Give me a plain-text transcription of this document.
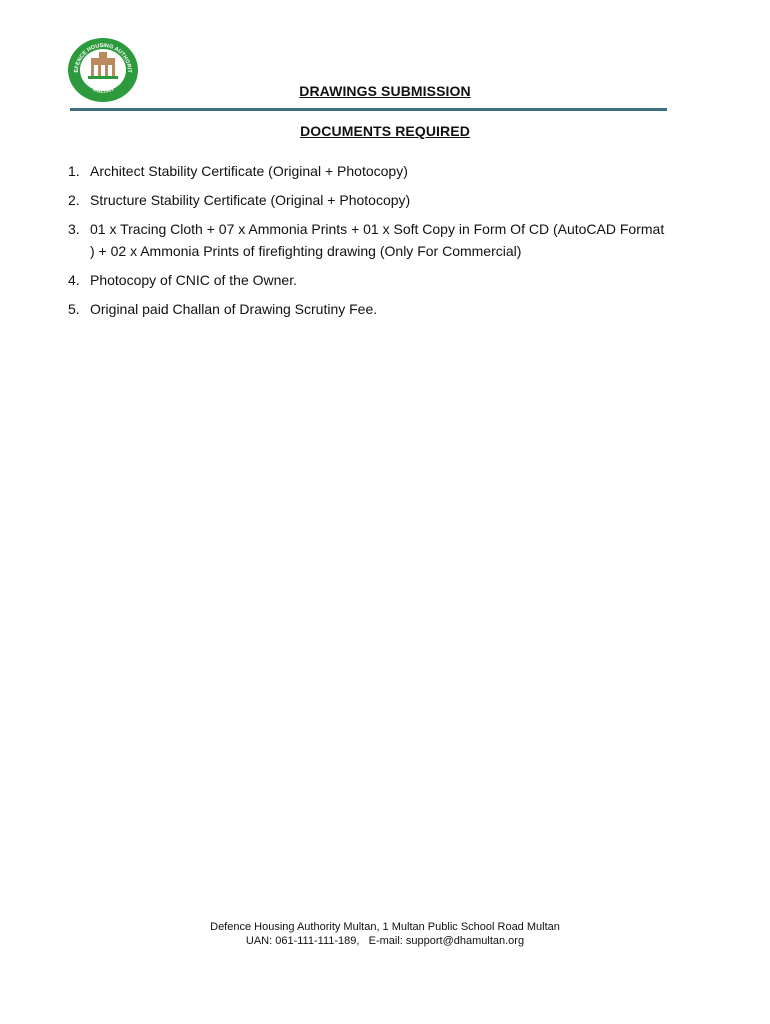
EFENCE HOUSING AUTHORIT
MULTAN	DRAWINGS SUBMISSION
DOCUMENTS REQUIRED
1. Architect Stability Certificate (Original + Photocopy)
2. Structure Stability Certificate (Original + Photocopy)
3. 01 x Tracing Cloth + 07 x Ammonia Prints + 01 x Soft Copy in Form Of CD (AutoCAD Format ) + 02 x Ammonia Prints of firefighting drawing (Only For Commercial)
4. Photocopy of CNIC of the Owner.
5. Original paid Challan of Drawing Scrutiny Fee.
Defence Housing Authority Multan, 1 Multan Public School Road Multan
UAN: 061-111-111-189,   E-mail: support@dhamultan.org
